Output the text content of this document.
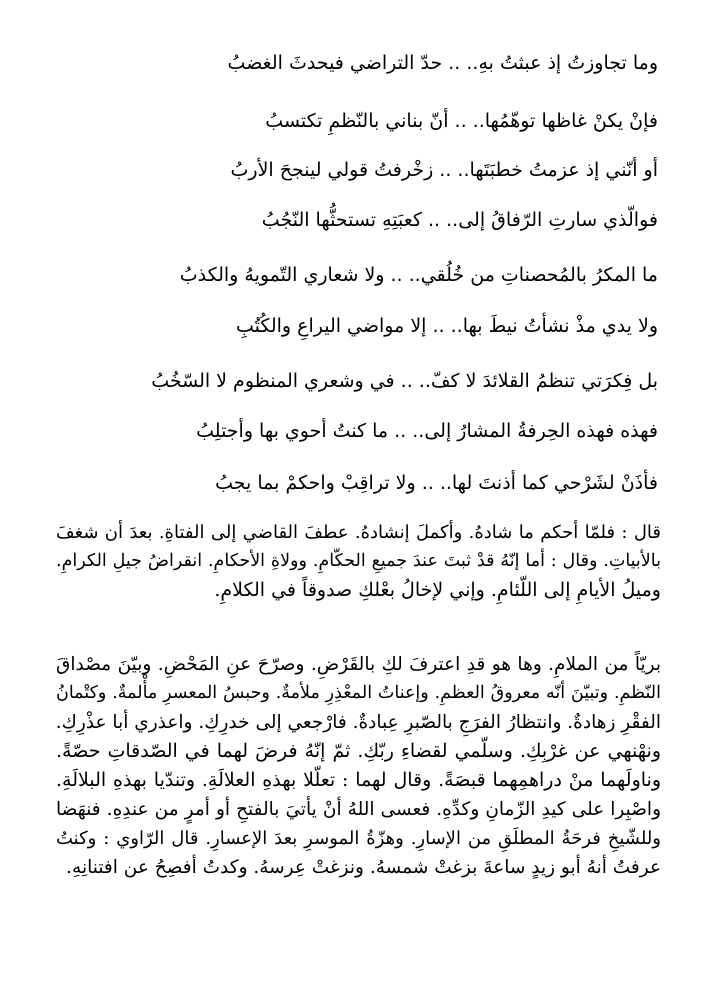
وما تجاوزتُ إذ عبثتُ بهِ.. .. حدّ التراضي فيحدثَ الغضبُ
فإنْ يكنْ غاظها توهّمُها.. .. أنّ بناني بالنّظمِ تكتسبُ
أو أنّني إذ عزمتُ خطبَتَها.. .. زخْرفتُ قولي لينجحَ الأربُ
فوالّذي سارتِ الرّفاقُ إلى.. .. كعبَتِهِ تستحثُّها النّجُبُ
ما المكرُ بالمُحصناتِ من خُلُقي.. .. ولا شعاري التّمويهُ والكذبُ
ولا يدي مذْ نشأتُ نيطَ بها.. .. إلا مواضي اليراعِ والكُتُبِ
بل فِكرَتي تنظمُ القلائدَ لا كفّ.. .. في وشعري المنظوم لا السّخُبُ
فهذه فهذه الحِرفةُ المشارُ إلى.. .. ما كنتُ أحوي بها وأجتلِبُ
فأذَنْ لشَرْحي كما أذنتَ لها.. .. ولا تراقِبْ واحكمْ بما يجبُ
قال : فلمّا أحكم ما شادهُ. وأكملَ إنشادهُ. عطفَ القاضي إلى الفتاةِ. بعدَ أن شغفَ
بالأبياتِ. وقال : أما إنّهُ قدْ ثبتَ عندَ جميعِ الحكّامِ. وولاةِ الأحكامِ. انقراضُ جيلِ الكرامِ.
وميلُ الأيامِ إلى اللّئامِ. وإني لإخالُ بعْلكِ صدوقاً في الكلامِ.
بريّاً من الملامِ. وها هو قدِ اعترفَ لكِ بالقَرْضِ. وصرّحَ عنِ المَحْضِ. وبيّنَ مصْداقَ
النّظمِ. وتبيّنَ أنّه معروقُ العظمِ. وإعناتُ المعْذِرِ ملأمةٌ. وحبسُ المعسرِ مأْلمةٌ. وكتْمانُ
الفقْرِ زهادةٌ. وانتظارُ الفرَجِ بالصّبرِ عِبادةٌ. فارْجعي إلى خدرِكِ. واعذري أبا عذْرِكِ.
ونهْنهي عن غرْبِكِ. وسلّمي لقضاءِ ربّكِ. ثمّ إنّهُ فرضَ لهما في الصّدقاتِ حصّةً.
وناولَهما منْ دراهمِهما قبصَةً. وقال لهما : تعلّلا بهذهِ العلالَةِ. وتندّيا بهذهِ البلالَةِ.
واصْبِرا على كيدِ الزّمانِ وكدِّهِ. فعسى اللهُ أنْ يأتيَ بالفتحِ أو أمرٍ من عندِهِ. فنهَضا
وللشّيخِ فرحَةُ المطلَقِ من الإسارِ. وهزّةُ الموسرِ بعدَ الإعسارِ. قال الرّاوي : وكنتُ
عرفتُ أنهُ أبو زيدٍ ساعةَ بزغتْ شمسهُ. ونزغتْ عِرسهُ. وكدتُ أفصِحُ عن افتنانِهِ.
